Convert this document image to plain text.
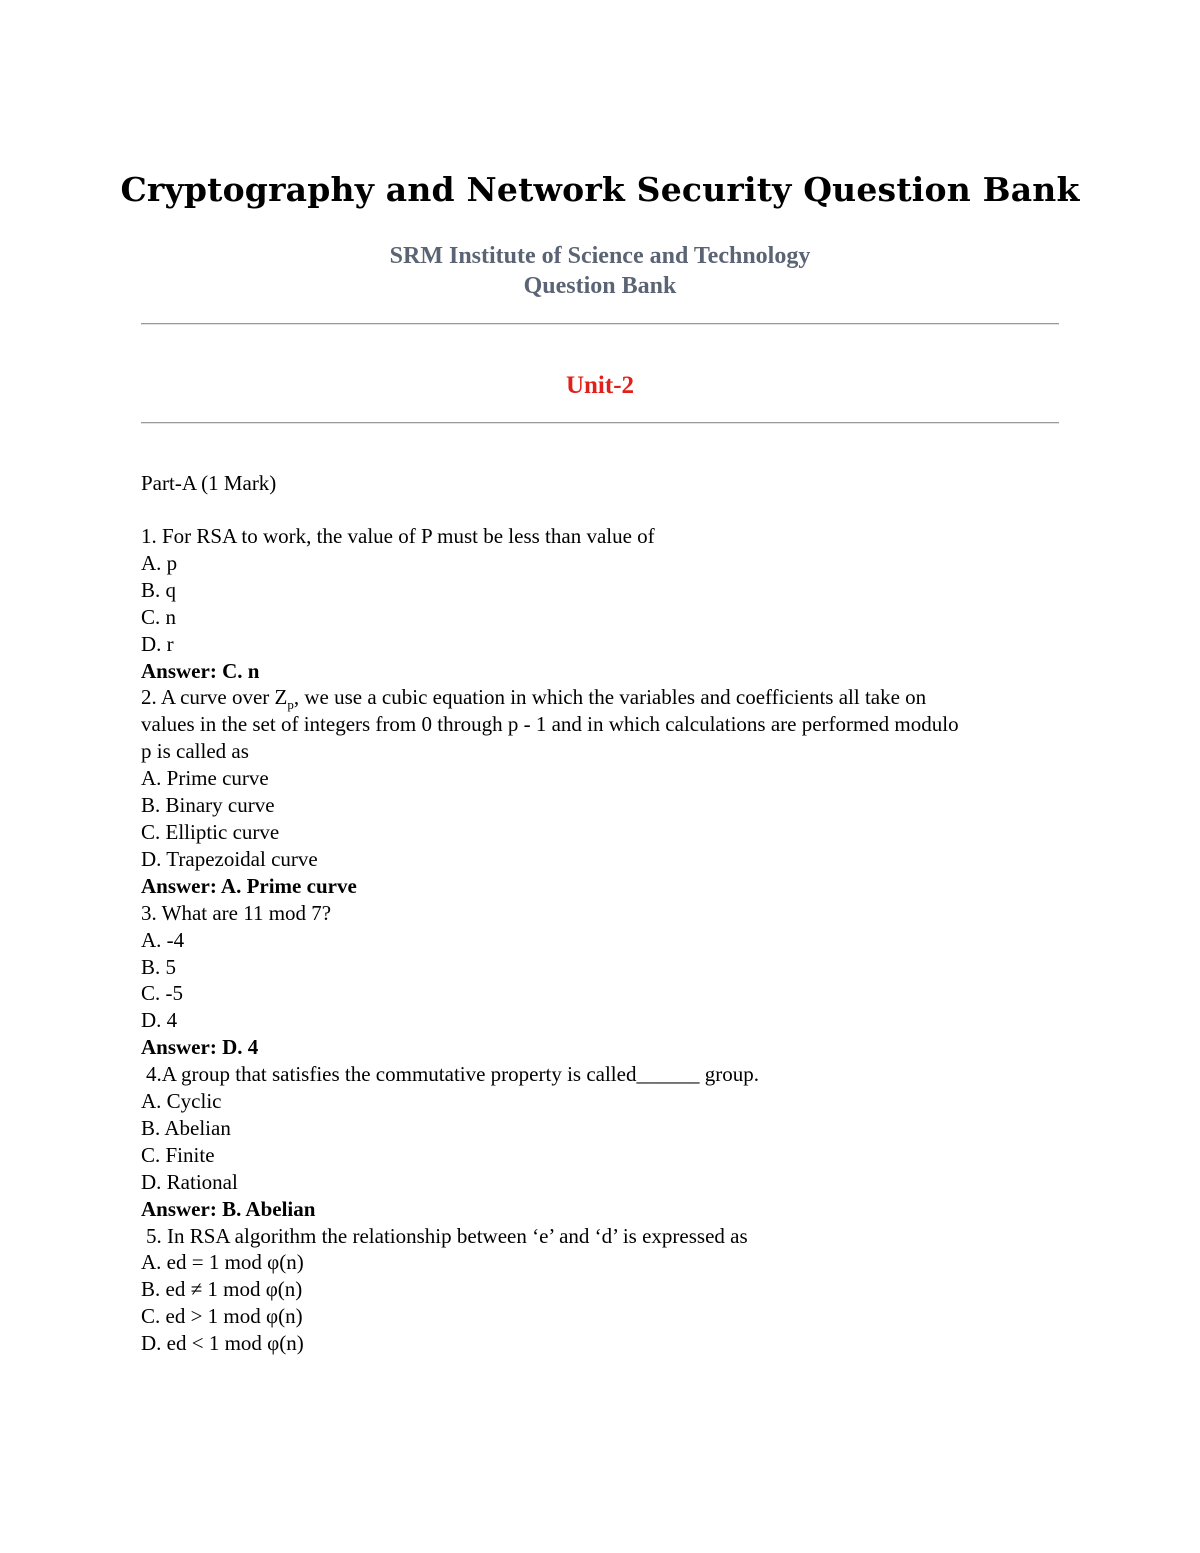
Cryptography and Network Security Question Bank

SRM Institute of Science and Technology

Question Bank

Unit-2

Part-A (1 Mark)

1. For RSA to work, the value of P must be less than value of

A. p

B. q

C. n

D. r

Answer: C. n

2. A curve over $Z_p$, we use a cubic equation in which the variables and coefficients all take on

values in the set of integers from 0 through p - 1 and in which calculations are performed modulo

p is called as

A. Prime curve

B. Binary curve

C. Elliptic curve

D. Trapezoidal curve

Answer: A. Prime curve

3. What are 11 mod 7?

A. -4

B. 5

C. -5

D. 4

Answer: D. 4

4.A group that satisfies the commutative property is called______ group.

A. Cyclic

B. Abelian

C. Finite

D. Rational

Answer: B. Abelian

5. In RSA algorithm the relationship between ‘e’ and ‘d’ is expressed as

A. ed = 1 mod φ(n)

B. ed ≠ 1 mod φ(n)

C. ed > 1 mod φ(n)

D. ed < 1 mod φ(n)
